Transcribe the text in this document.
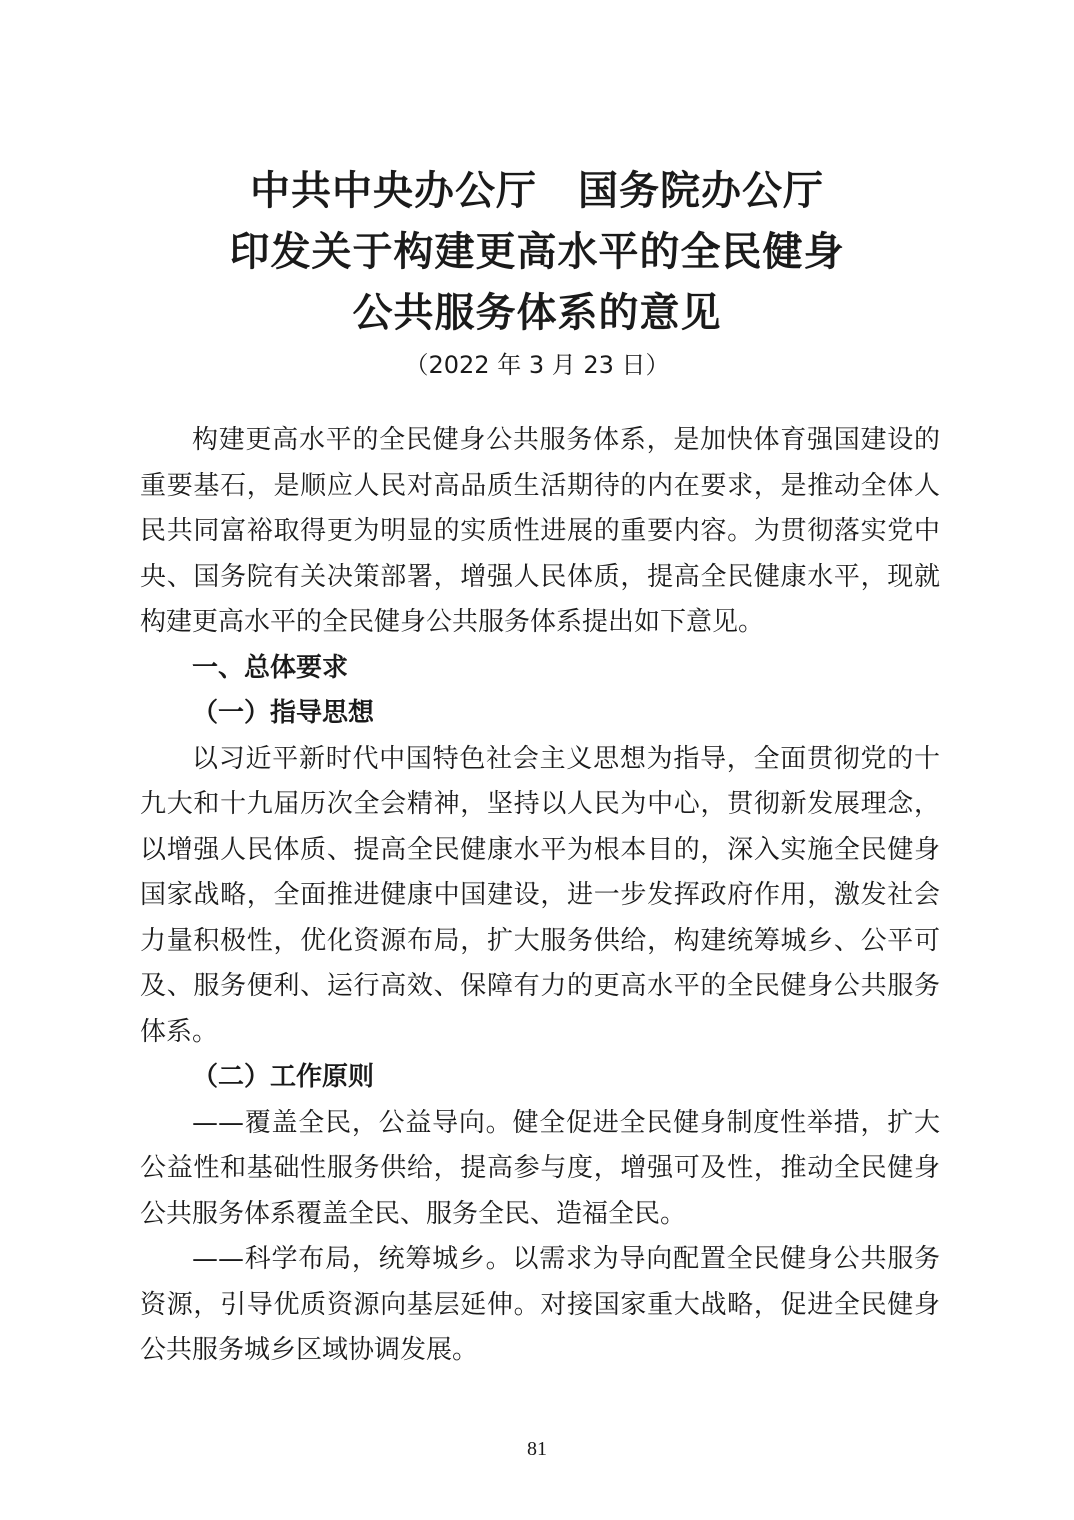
中共中央办公厅　国务院办公厅
印发关于构建更高水平的全民健身
公共服务体系的意见
（2022 年 3 月 23 日）

构建更高水平的全民健身公共服务体系，是加快体育强国建设的重要基石，是顺应人民对高品质生活期待的内在要求，是推动全体人民共同富裕取得更为明显的实质性进展的重要内容。为贯彻落实党中央、国务院有关决策部署，增强人民体质，提高全民健康水平，现就构建更高水平的全民健身公共服务体系提出如下意见。

一、总体要求

（一）指导思想

以习近平新时代中国特色社会主义思想为指导，全面贯彻党的十九大和十九届历次全会精神，坚持以人民为中心，贯彻新发展理念，以增强人民体质、提高全民健康水平为根本目的，深入实施全民健身国家战略，全面推进健康中国建设，进一步发挥政府作用，激发社会力量积极性，优化资源布局，扩大服务供给，构建统筹城乡、公平可及、服务便利、运行高效、保障有力的更高水平的全民健身公共服务体系。

（二）工作原则

——覆盖全民，公益导向。健全促进全民健身制度性举措，扩大公益性和基础性服务供给，提高参与度，增强可及性，推动全民健身公共服务体系覆盖全民、服务全民、造福全民。

——科学布局，统筹城乡。以需求为导向配置全民健身公共服务资源，引导优质资源向基层延伸。对接国家重大战略，促进全民健身公共服务城乡区域协调发展。

81
